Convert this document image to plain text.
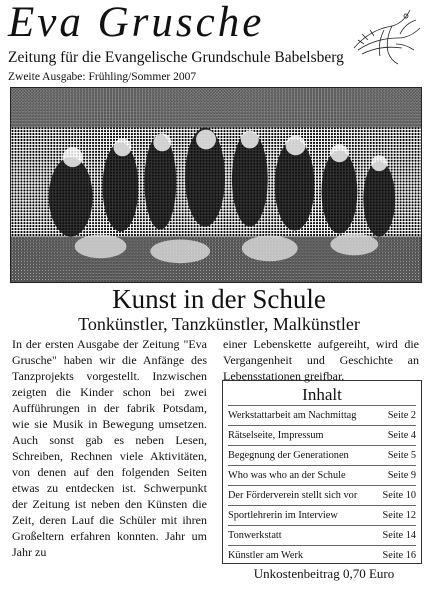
Eva Grusche
Zeitung für die Evangelische Grundschule Babelsberg
Zweite Ausgabe: Frühling/Sommer 2007
Kunst in der Schule
Tonkünstler, Tanzkünstler, Malkünstler

In der ersten Ausgabe der Zeitung "Eva Grusche" haben wir die Anfänge des Tanzprojekts vorgestellt. Inzwischen zeigten die Kinder schon bei zwei Aufführungen in der fabrik Potsdam, wie sie Musik in Bewegung umsetzen. Auch sonst gab es neben Lesen, Schreiben, Rechnen viele Aktivitäten, von denen auf den folgenden Seiten etwas zu entdecken ist. Schwerpunkt der Zeitung ist neben den Künsten die Zeit, deren Lauf die Schüler mit ihren Großeltern erfahren konnten. Jahr um Jahr zu

einer Lebenskette aufgereiht, wird die Vergangenheit und Geschichte an Lebensstationen greifbar.

Inhalt
Werkstattarbeit am Nachmittag	Seite 2
Rätselseite, Impressum	Seite 4
Begegnung der Generationen	Seite 5
Who was who an der Schule	Seite 9
Der Förderverein stellt sich vor Seite 10
Sportlehrerin im Interview	Seite 12
Tonwerkstatt	Seite 14
Künstler am Werk	Seite 16
Unkostenbeitrag 0,70 Euro
